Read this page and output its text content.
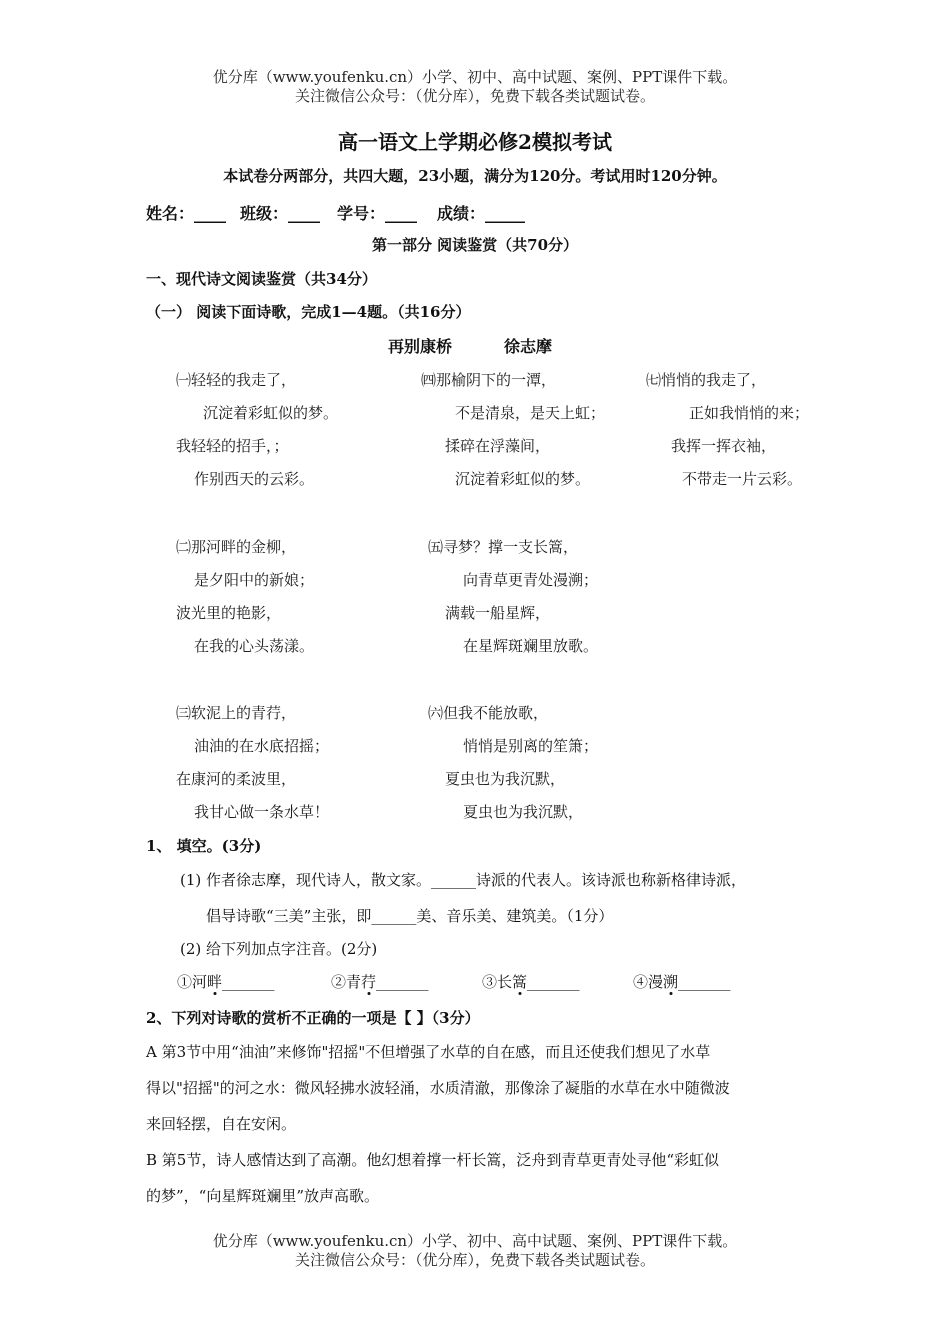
优分库（www.youfenku.cn）小学、初中、高中试题、案例、PPT课件下载。
关注微信公众号：（优分库），免费下载各类试题试卷。
高一语文上学期必修2模拟考试
本试卷分两部分，共四大题，23小题，满分为120分。考试用时120分钟。
姓名：____ 班级：____ 学号：____ 成绩：_____
第一部分 阅读鉴赏（共70分）
一、现代诗文阅读鉴赏（共34分）
（一） 阅读下面诗歌，完成1—4题。（共16分）
再别康桥	徐志摩
㈠轻轻的我走了，
沉淀着彩虹似的梦。
我轻轻的招手，；
作别西天的云彩。
㈣那榆阴下的一潭，
不是清泉，是天上虹；
揉碎在浮藻间，
沉淀着彩虹似的梦。
㈦悄悄的我走了，
正如我悄悄的来；
我挥一挥衣袖，
不带走一片云彩。
㈡那河畔的金柳，
是夕阳中的新娘；
波光里的艳影，
在我的心头荡漾。
㈤寻梦？撑一支长篙，
向青草更青处漫溯；
满载一船星辉，
在星辉斑斓里放歌。
㈢软泥上的青荇，
油油的在水底招摇；
在康河的柔波里，
我甘心做一条水草！
㈥但我不能放歌，
悄悄是别离的笙箫；
夏虫也为我沉默，
夏虫也为我沉默，
1、 填空。(3分)
(1) 作者徐志摩，现代诗人，散文家。______诗派的代表人。该诗派也称新格律诗派，
倡导诗歌“三美”主张，即______美、音乐美、建筑美。（1分）
(2) 给下列加点字注音。(2分)
①河畔_______	②青荇_______	③长篙_______	④漫溯_______
2、下列对诗歌的赏析不正确的一项是【 】（3分）
A 第3节中用“油油”来修饰"招摇"不但增强了水草的自在感，而且还使我们想见了水草
得以"招摇"的河之水：微风轻拂水波轻涌，水质清澈，那像涂了凝脂的水草在水中随微波
来回轻摆，自在安闲。
B 第5节，诗人感情达到了高潮。他幻想着撑一杆长篙，泛舟到青草更青处寻他“彩虹似
的梦”，“向星辉斑斓里”放声高歌。
优分库（www.youfenku.cn）小学、初中、高中试题、案例、PPT课件下载。
关注微信公众号：（优分库），免费下载各类试题试卷。
